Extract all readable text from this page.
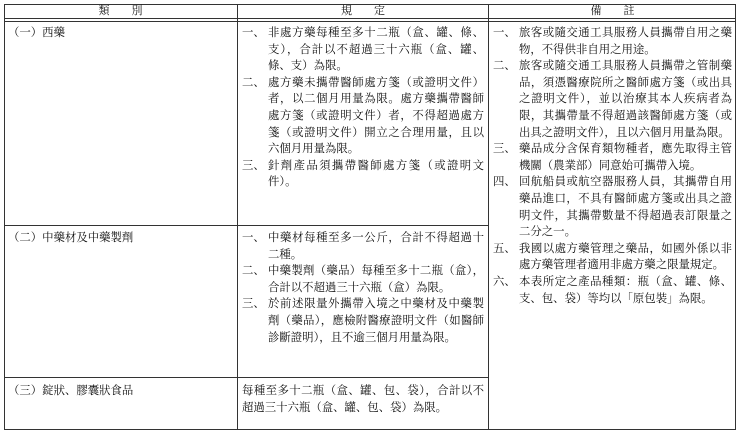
類　　別	規　　定	備　　註
（一）西藥	一、 非處方藥每種至多十二瓶（盒、罐、條、支），合計以不超過三十六瓶（盒、罐、條、支）為限。
二、 處方藥未攜帶醫師處方箋（或證明文件）者，以二個月用量為限。處方藥攜帶醫師處方箋（或證明文件）者，不得超過處方箋（或證明文件）開立之合理用量，且以六個月用量為限。
三、 針劑產品須攜帶醫師處方箋（或證明文件）。
（二）中藥材及中藥製劑	一、 中藥材每種至多一公斤，合計不得超過十二種。
二、 中藥製劑（藥品）每種至多十二瓶（盒），合計以不超過三十六瓶（盒）為限。
三、 於前述限量外攜帶入境之中藥材及中藥製劑（藥品），應檢附醫療證明文件（如醫師診斷證明），且不逾三個月用量為限。
（三）錠狀、膠囊狀食品	每種至多十二瓶（盒、罐、包、袋），合計以不超過三十六瓶（盒、罐、包、袋）為限。
一、 旅客或隨交通工具服務人員攜帶自用之藥物，不得供非自用之用途。
二、 旅客或隨交通工具服務人員攜帶之管制藥品，須憑醫療院所之醫師處方箋（或出具之證明文件），並以治療其本人疾病者為限，其攜帶量不得超過該醫師處方箋（或出具之證明文件），且以六個月用量為限。
三、 藥品成分含保育類物種者，應先取得主管機關（農業部）同意始可攜帶入境。
四、 回航船員或航空器服務人員，其攜帶自用藥品進口，不具有醫師處方箋或出具之證明文件，其攜帶數量不得超過表訂限量之二分之一。
五、 我國以處方藥管理之藥品，如國外係以非處方藥管理者適用非處方藥之限量規定。
六、 本表所定之產品種類：瓶（盒、罐、條、支、包、袋）等均以「原包裝」為限。
